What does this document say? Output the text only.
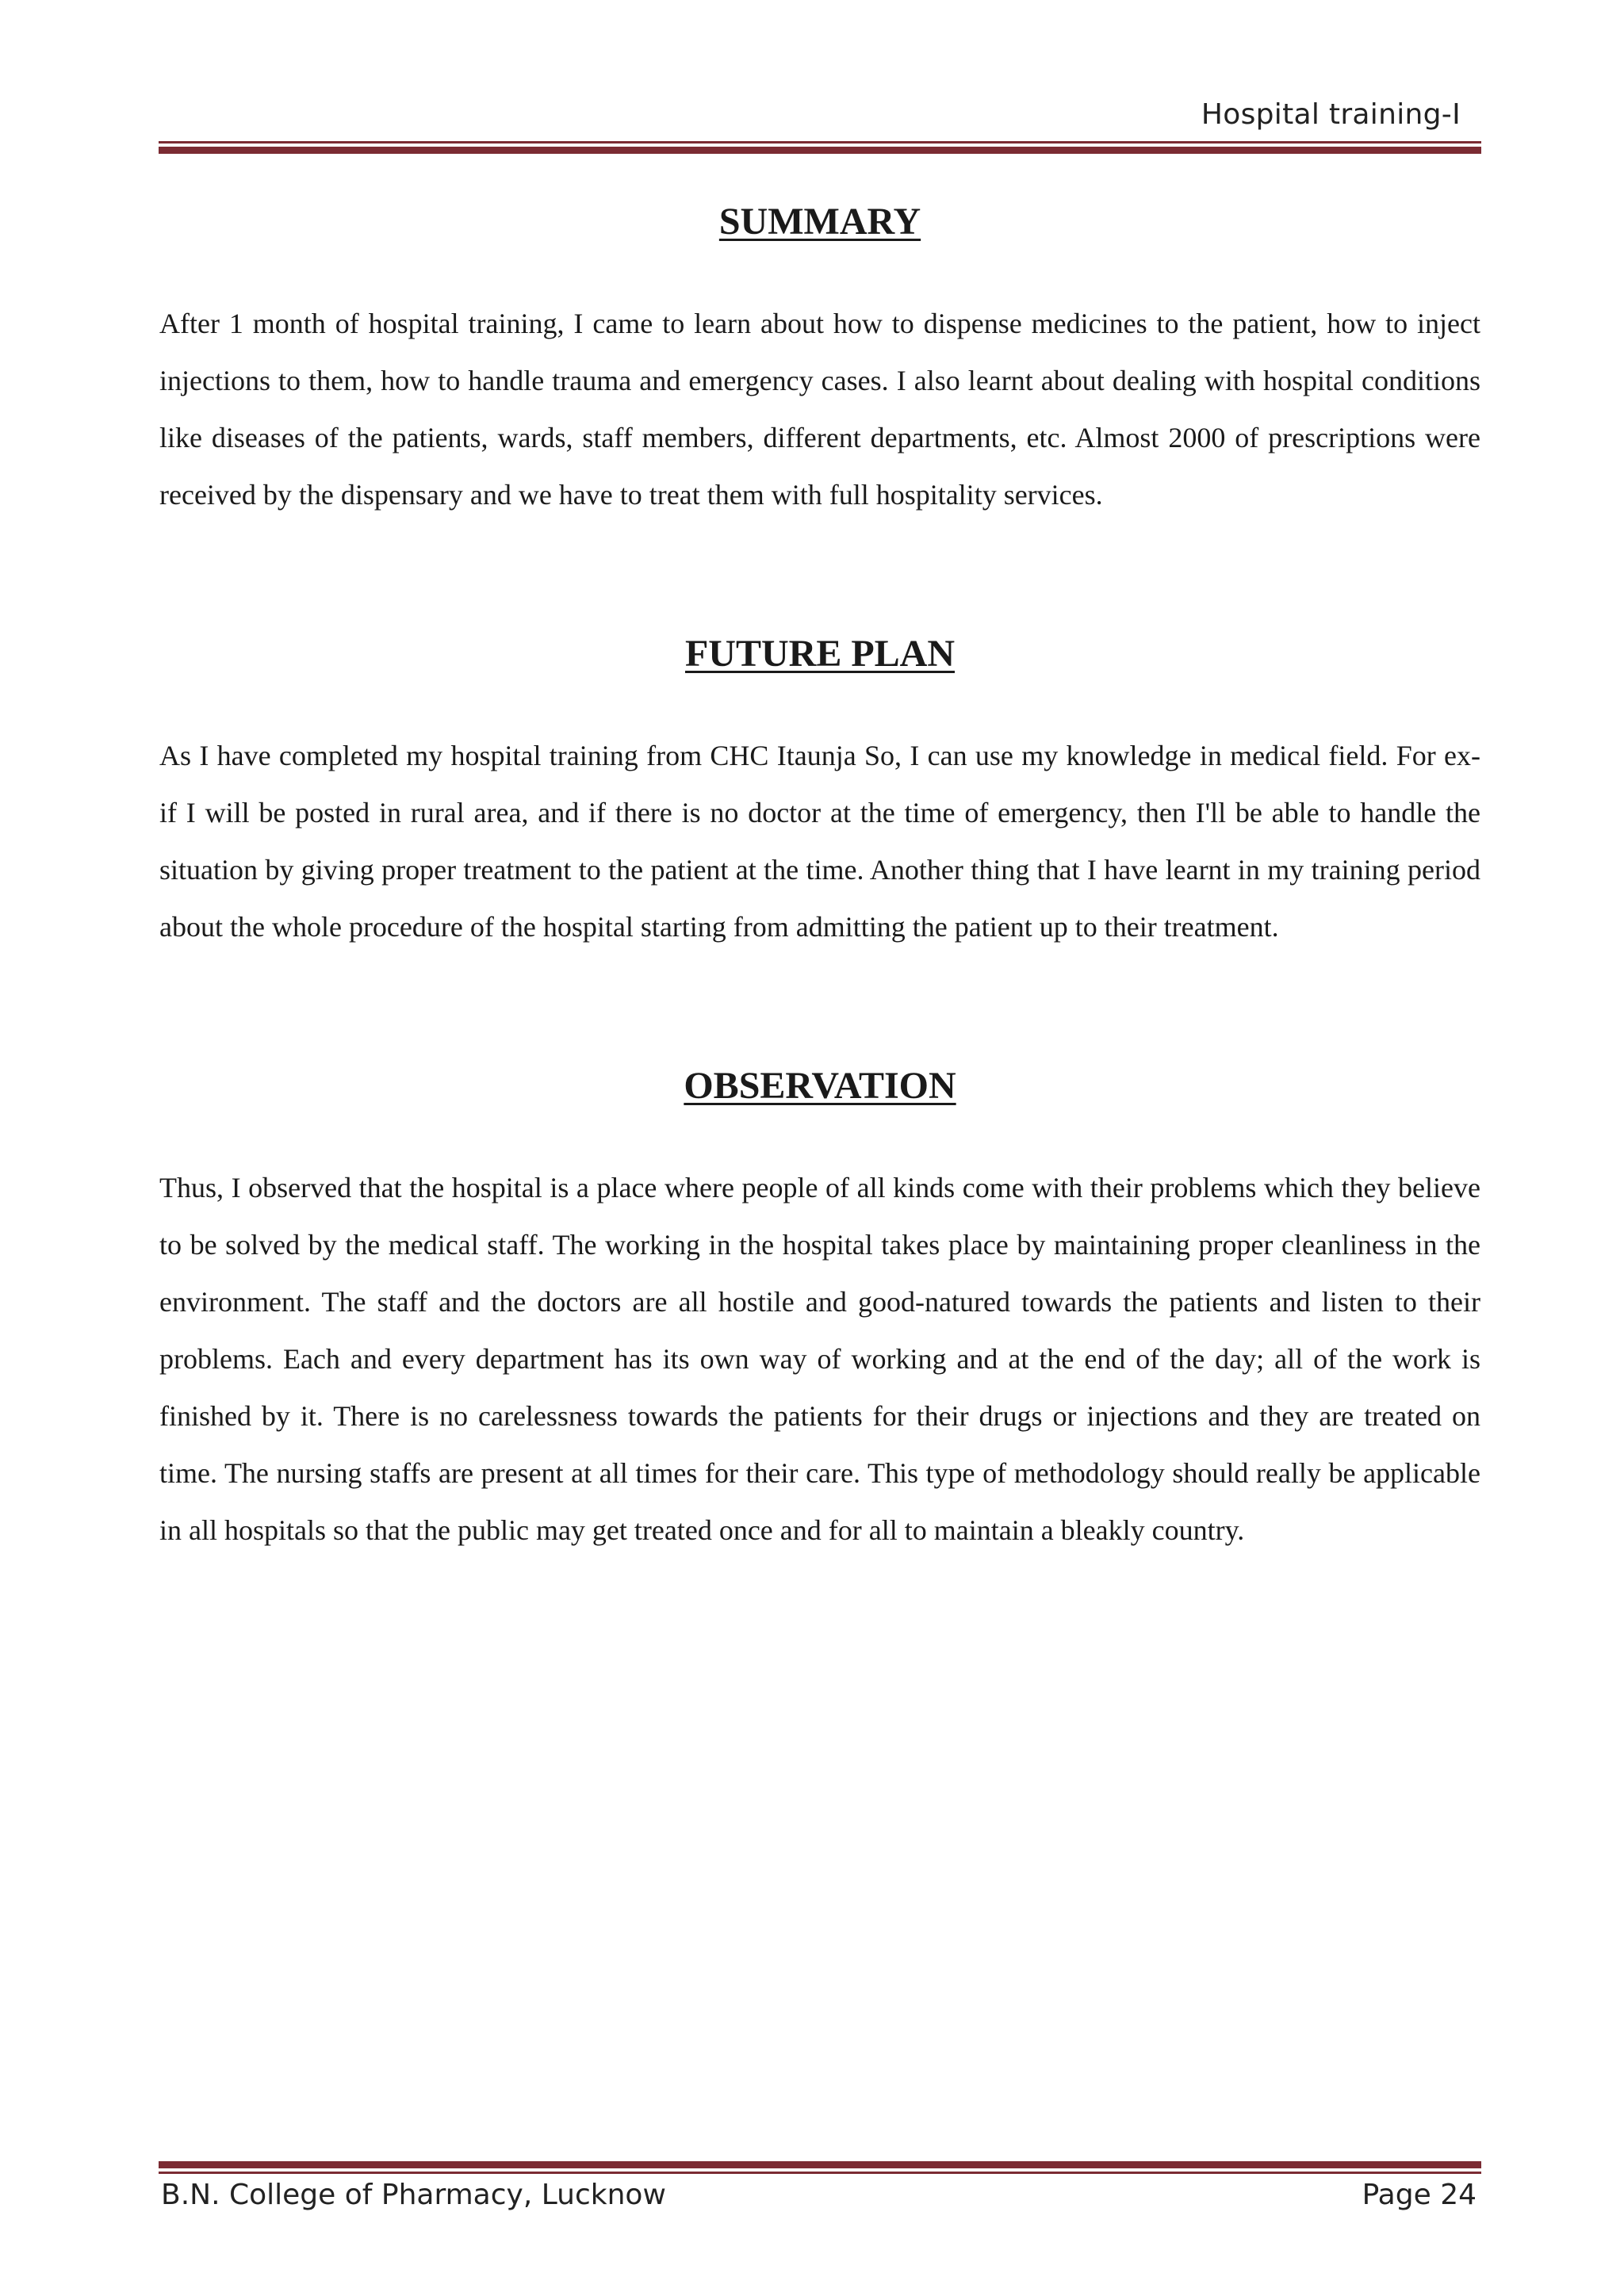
Hospital training-I
SUMMARY

After 1 month of hospital training, I came to learn about how to dispense medicines to the patient, how to inject injections to them, how to handle trauma and emergency cases. I also learnt about dealing with hospital conditions like diseases of the patients, wards, staff members, different departments, etc. Almost 2000 of prescriptions were received by the dispensary and we have to treat them with full hospitality services.

FUTURE PLAN

As I have completed my hospital training from CHC Itaunja So, I can use my knowledge in medical field. For ex- if I will be posted in rural area, and if there is no doctor at the time of emergency, then I'll be able to handle the situation by giving proper treatment to the patient at the time. Another thing that I have learnt in my training period about the whole procedure of the hospital starting from admitting the patient up to their treatment.

OBSERVATION

Thus, I observed that the hospital is a place where people of all kinds come with their problems which they believe to be solved by the medical staff. The working in the hospital takes place by maintaining proper cleanliness in the environment. The staff and the doctors are all hostile and good-natured towards the patients and listen to their problems. Each and every department has its own way of working and at the end of the day; all of the work is finished by it. There is no carelessness towards the patients for their drugs or injections and they are treated on time. The nursing staffs are present at all times for their care. This type of methodology should really be applicable in all hospitals so that the public may get treated once and for all to maintain a bleakly country.

B.N. College of Pharmacy, Lucknow	Page 24
